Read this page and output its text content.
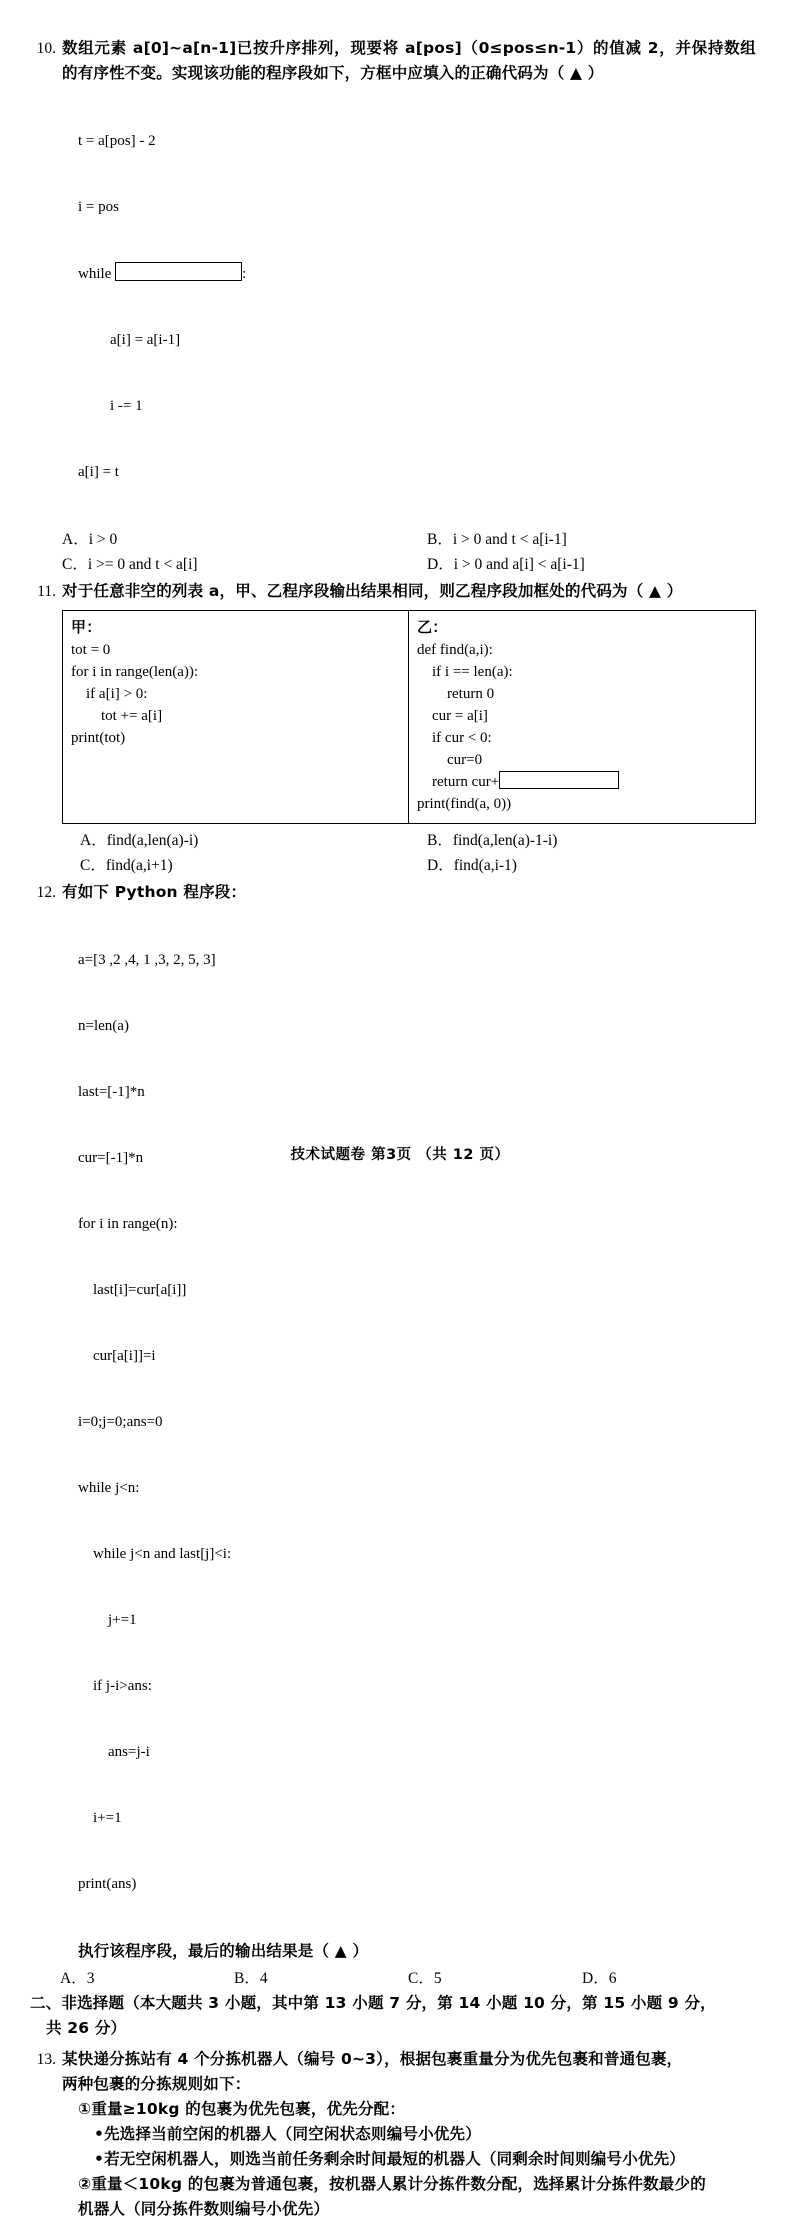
10. 数组元素 a[0]~a[n-1]已按升序排列，现要将 a[pos]（0≤pos≤n-1）的值减 2，并保持数组的有序性不变。实现该功能的程序段如下，方框中应填入的正确代码为（ ▲ ）

t = a[pos] - 2

i = pos

while	:

a[i] = a[i-1]

i -= 1

a[i] = t

A．i > 0	B．i > 0 and t < a[i-1]
C．i >= 0 and t < a[i]	D．i > 0 and a[i] < a[i-1]
11. 对于任意非空的列表 a，甲、乙程序段输出结果相同，则乙程序段加框处的代码为（ ▲ ）
甲：
tot = 0
for i in range(len(a)):
if a[i] > 0:
tot += a[i]
print(tot)

乙：
def find(a,i):
if i == len(a):
return 0
cur = a[i]
if cur < 0:
cur=0
return cur+
print(find(a, 0))
A．find(a,len(a)-i)	B．find(a,len(a)-1-i)
C．find(a,i+1)	D．find(a,i-1)
12. 有如下 Python 程序段：

a=[3 ,2 ,4, 1 ,3, 2, 5, 3]

n=len(a)

last=[-1]*n

cur=[-1]*n

for i in range(n):

last[i]=cur[a[i]]

cur[a[i]]=i

i=0;j=0;ans=0

while j<n:

while j<n and last[j]<i:

j+=1

if j-i>ans:

ans=j-i

i+=1

print(ans)

执行该程序段，最后的输出结果是（ ▲ ）
A．3	B．4	C．5	D．6
二、非选择题（本大题共 3 小题，其中第 13 小题 7 分，第 14 小题 10 分，第 15 小题 9 分，
共 26 分）
13. 某快递分拣站有 4 个分拣机器人（编号 0~3），根据包裹重量分为优先包裹和普通包裹，
两种包裹的分拣规则如下：
①重量≥10kg 的包裹为优先包裹，优先分配：
•先选择当前空闲的机器人（同空闲状态则编号小优先）
•若无空闲机器人，则选当前任务剩余时间最短的机器人（同剩余时间则编号小优先）
②重量＜10kg 的包裹为普通包裹，按机器人累计分拣件数分配，选择累计分拣件数最少的
机器人（同分拣件数则编号小优先）
技术试题卷 第3页 （共 12 页）
